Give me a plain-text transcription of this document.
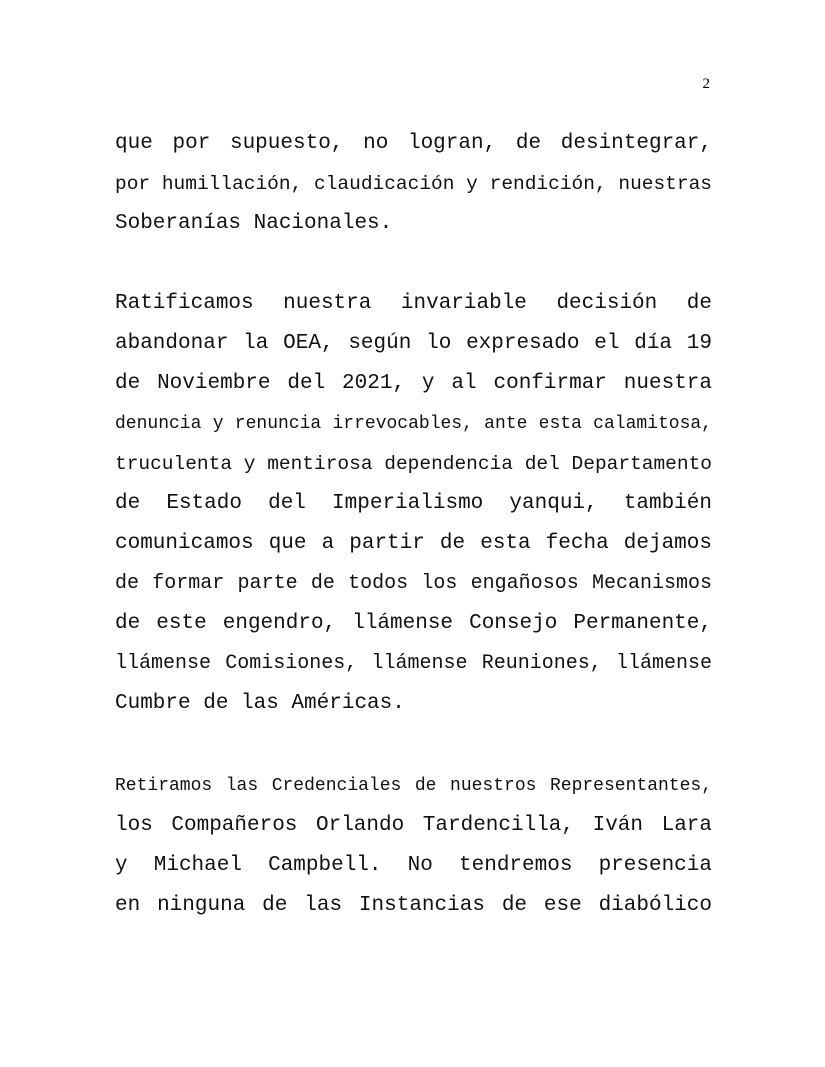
2
que por supuesto, no logran, de desintegrar,
por humillación, claudicación y rendición, nuestras
Soberanías Nacionales.
Ratificamos nuestra invariable decisión de
abandonar la OEA, según lo expresado el día 19
de Noviembre del 2021, y al confirmar nuestra
denuncia y renuncia irrevocables, ante esta calamitosa,
truculenta y mentirosa dependencia del Departamento
de Estado del Imperialismo yanqui, también
comunicamos que a partir de esta fecha dejamos
de formar parte de todos los engañosos Mecanismos
de este engendro, llámense Consejo Permanente,
llámense Comisiones, llámense Reuniones, llámense
Cumbre de las Américas.
Retiramos las Credenciales de nuestros Representantes,
los Compañeros Orlando Tardencilla, Iván Lara
y Michael Campbell. No tendremos presencia
en ninguna de las Instancias de ese diabólico
